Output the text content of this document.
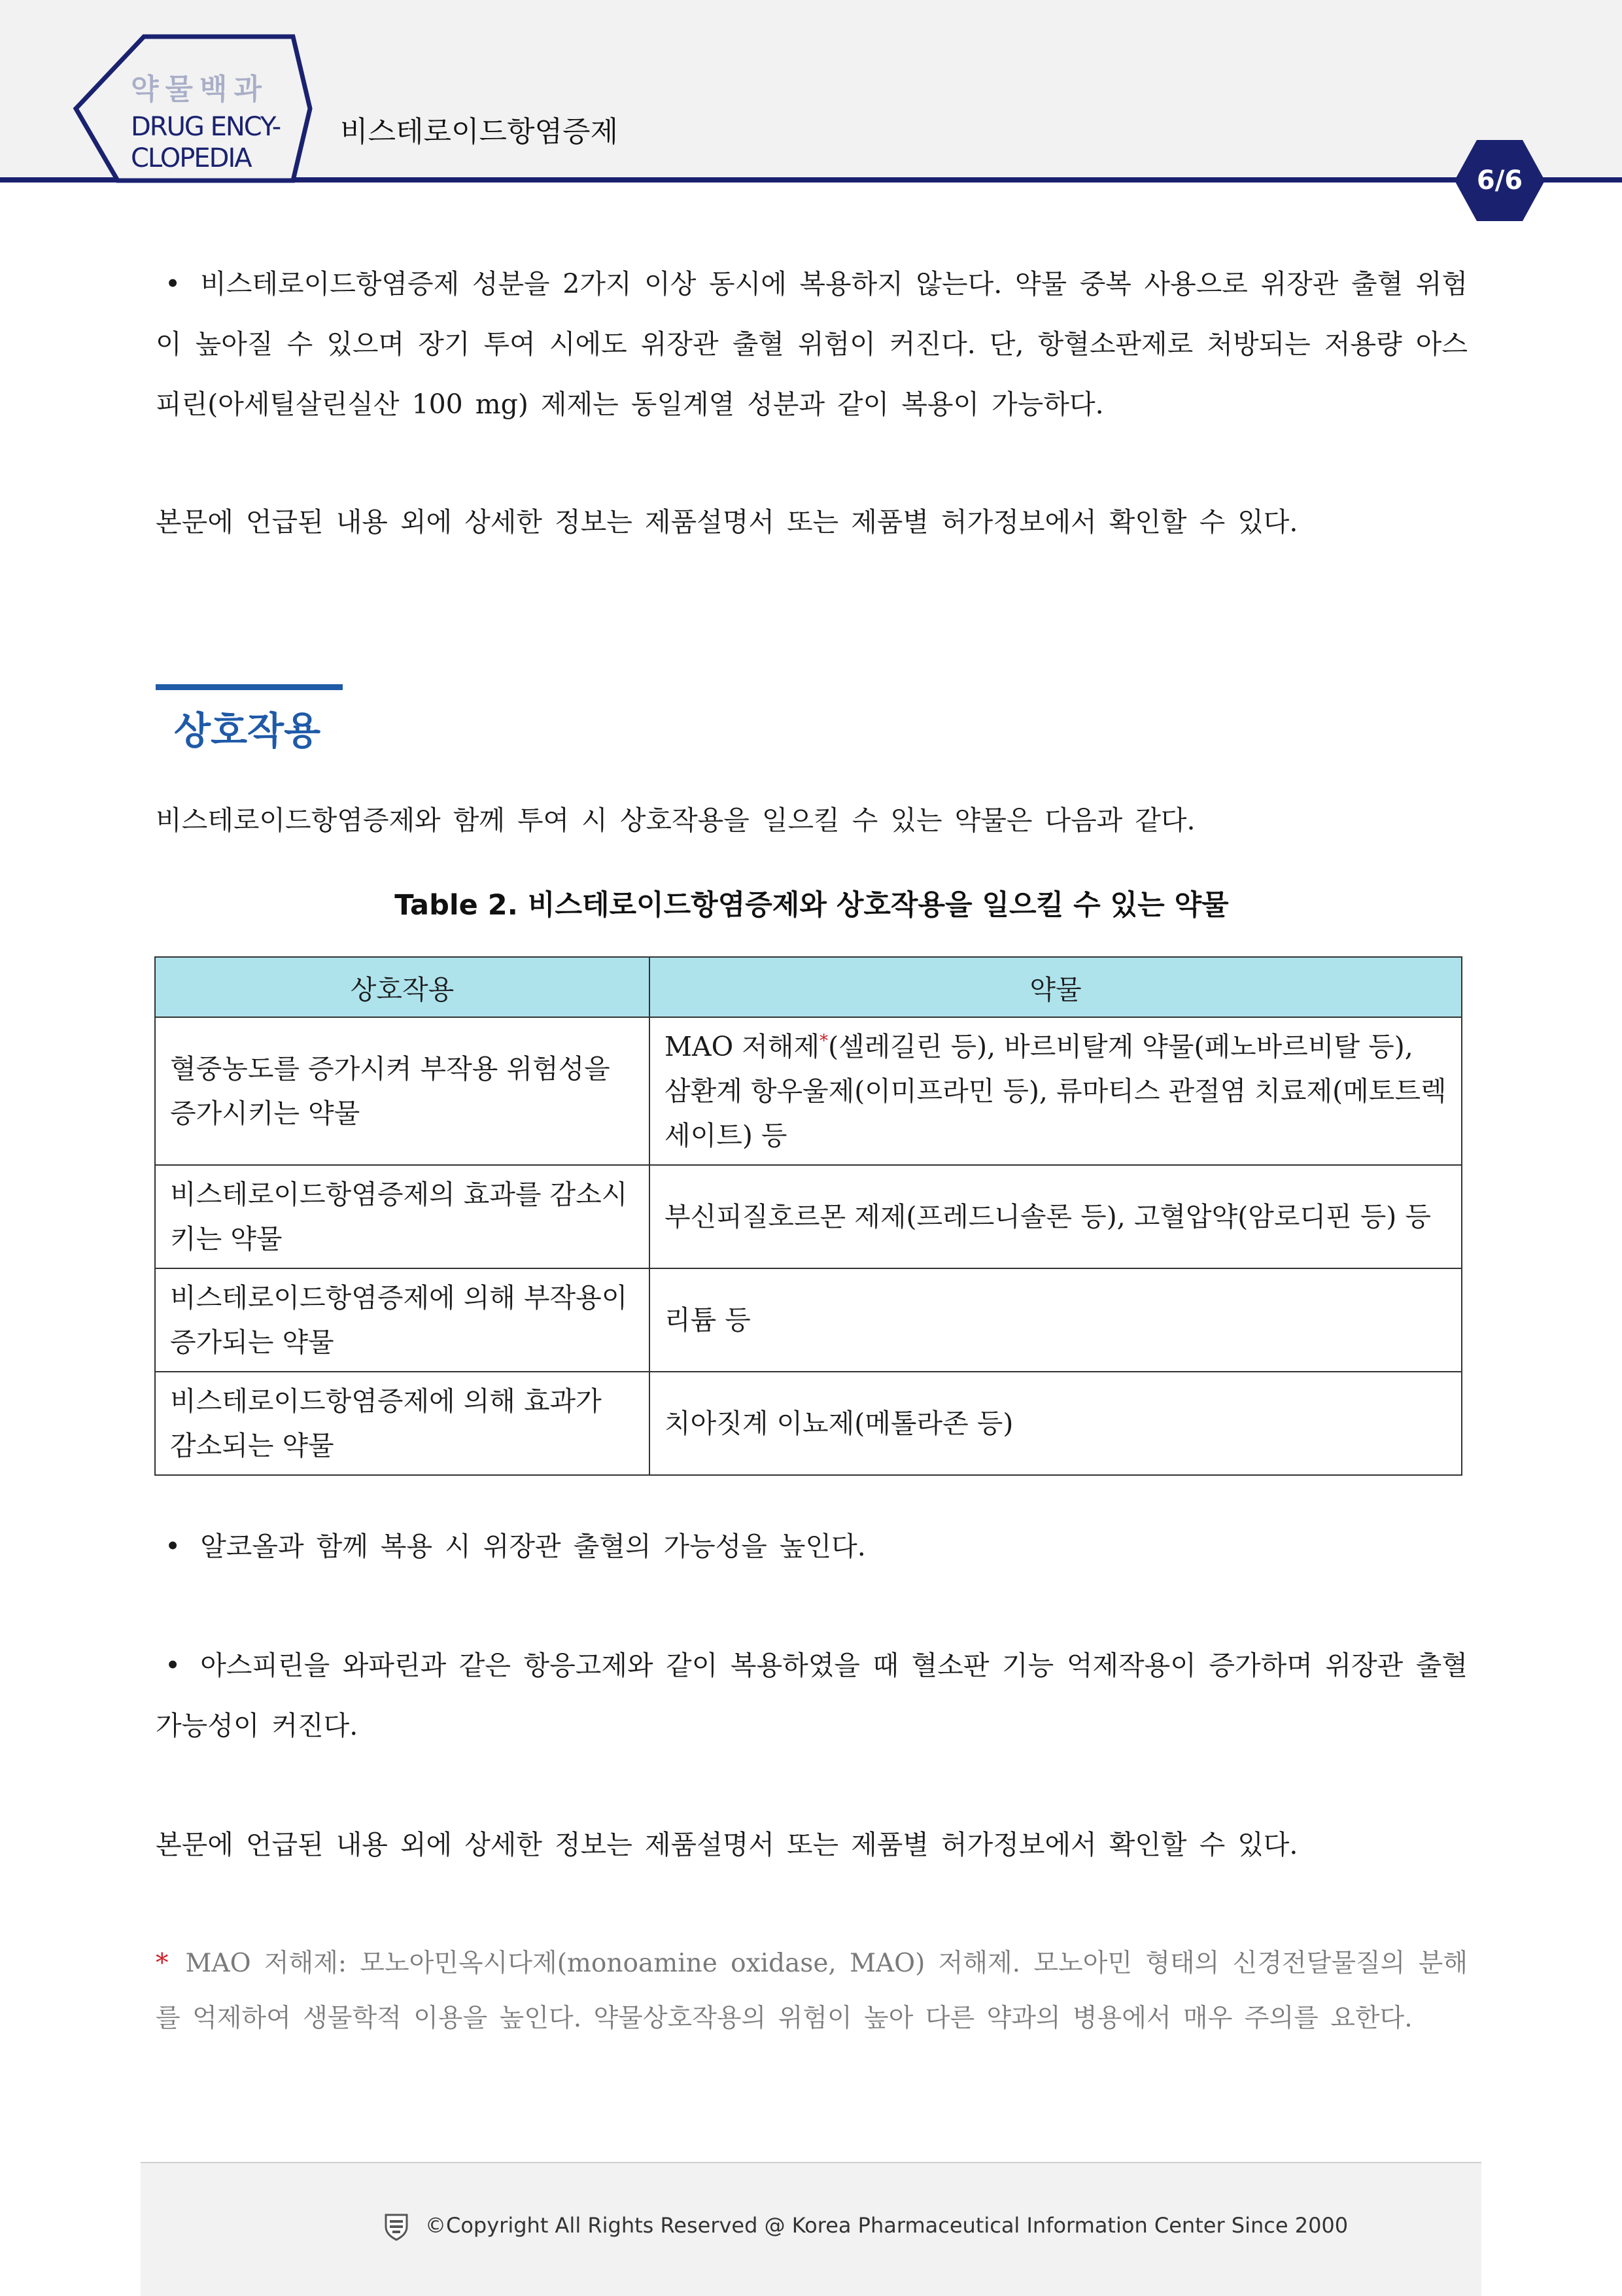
약물백과
DRUG ENCY-
CLOPEDIA
비스테로이드항염증제
6/6
• 비스테로이드항염증제 성분을 2가지 이상 동시에 복용하지 않는다. 약물 중복 사용으로 위장관 출혈 위험이 높아질 수 있으며 장기 투여 시에도 위장관 출혈 위험이 커진다. 단, 항혈소판제로 처방되는 저용량 아스피린(아세틸살린실산 100 mg) 제제는 동일계열 성분과 같이 복용이 가능하다.
본문에 언급된 내용 외에 상세한 정보는 제품설명서 또는 제품별 허가정보에서 확인할 수 있다.
상호작용
비스테로이드항염증제와 함께 투여 시 상호작용을 일으킬 수 있는 약물은 다음과 같다.
Table 2. 비스테로이드항염증제와 상호작용을 일으킬 수 있는 약물
상호작용	약물
혈중농도를 증가시켜 부작용 위험성을 증가시키는 약물	MAO 저해제*(셀레길린 등), 바르비탈계 약물(페노바르비탈 등), 삼환계 항우울제(이미프라민 등), 류마티스 관절염 치료제(메토트렉세이트) 등
비스테로이드항염증제의 효과를 감소시키는 약물	부신피질호르몬 제제(프레드니솔론 등), 고혈압약(암로디핀 등) 등
비스테로이드항염증제에 의해 부작용이 증가되는 약물	리튬 등
비스테로이드항염증제에 의해 효과가 감소되는 약물	치아짓계 이뇨제(메톨라존 등)
• 알코올과 함께 복용 시 위장관 출혈의 가능성을 높인다.
• 아스피린을 와파린과 같은 항응고제와 같이 복용하였을 때 혈소판 기능 억제작용이 증가하며 위장관 출혈 가능성이 커진다.
본문에 언급된 내용 외에 상세한 정보는 제품설명서 또는 제품별 허가정보에서 확인할 수 있다.
* MAO 저해제: 모노아민옥시다제(monoamine oxidase, MAO) 저해제. 모노아민 형태의 신경전달물질의 분해를 억제하여 생물학적 이용을 높인다. 약물상호작용의 위험이 높아 다른 약과의 병용에서 매우 주의를 요한다.
©Copyright All Rights Reserved @ Korea Pharmaceutical Information Center Since 2000
